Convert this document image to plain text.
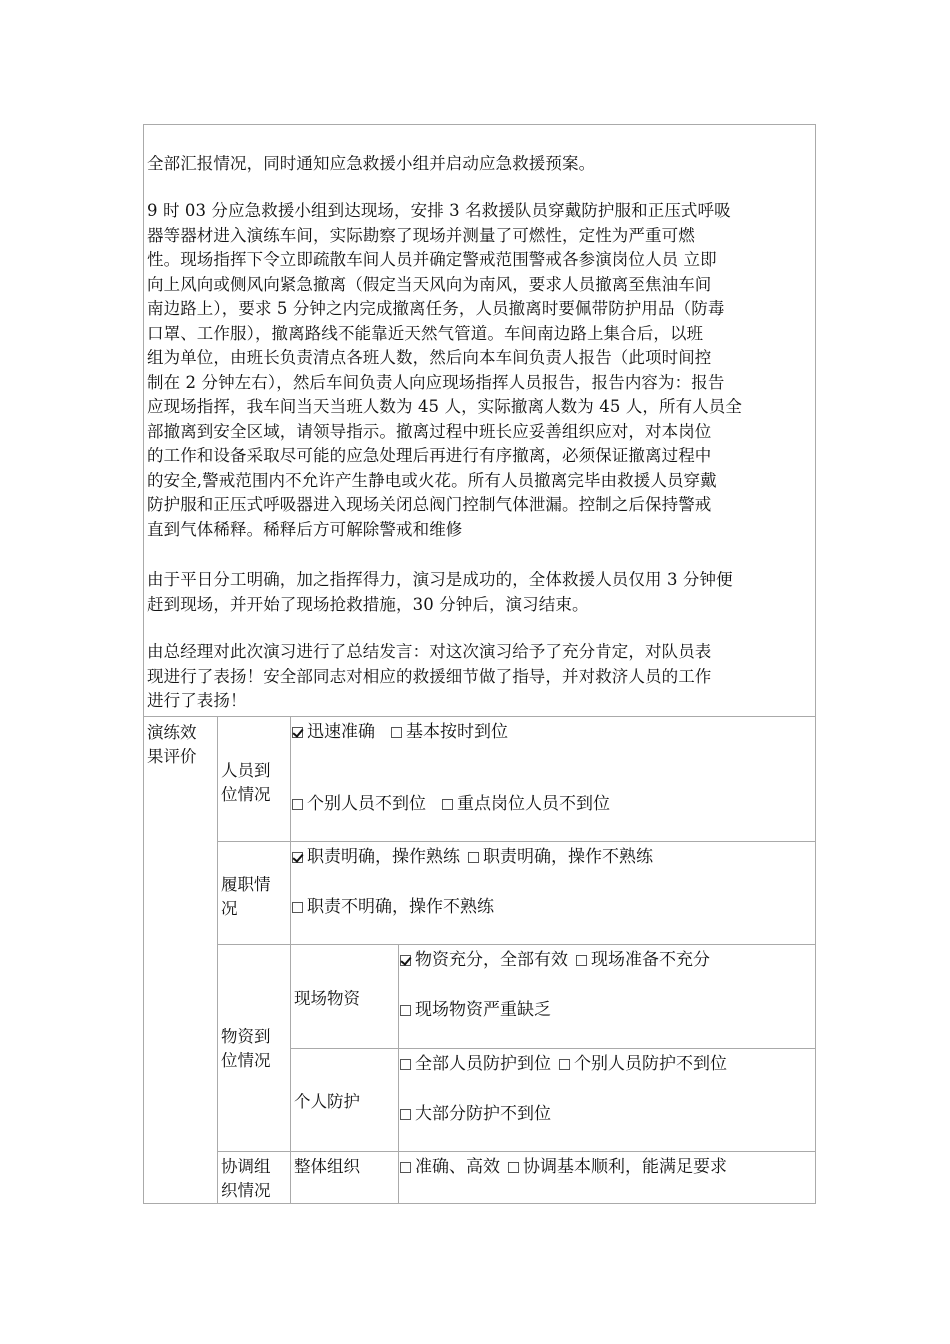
全部汇报情况，同时通知应急救援小组并启动应急救援预案。

9 时 03 分应急救援小组到达现场，安排 3 名救援队员穿戴防护服和正压式呼吸
器等器材进入演练车间，实际勘察了现场并测量了可燃性，定性为严重可燃
性。现场指挥下令立即疏散车间人员并确定警戒范围警戒各参演岗位人员 立即
向上风向或侧风向紧急撤离（假定当天风向为南风，要求人员撤离至焦油车间
南边路上），要求 5 分钟之内完成撤离任务，人员撤离时要佩带防护用品（防毒
口罩、工作服），撤离路线不能靠近天然气管道。车间南边路上集合后，以班
组为单位，由班长负责清点各班人数，然后向本车间负责人报告（此项时间控
制在 2 分钟左右），然后车间负责人向应现场指挥人员报告，报告内容为：报告
应现场指挥，我车间当天当班人数为 45 人，实际撤离人数为 45 人，所有人员全
部撤离到安全区域，请领导指示。撤离过程中班长应妥善组织应对，对本岗位
的工作和设备采取尽可能的应急处理后再进行有序撤离，必须保证撤离过程中
的安全,警戒范围内不允许产生静电或火花。所有人员撤离完毕由救援人员穿戴
防护服和正压式呼吸器进入现场关闭总阀门控制气体泄漏。控制之后保持警戒
直到气体稀释。稀释后方可解除警戒和维修

由于平日分工明确，加之指挥得力，演习是成功的，全体救援人员仅用 3 分钟便
赶到现场，并开始了现场抢救措施，30 分钟后，演习结束。

由总经理对此次演习进行了总结发言：对这次演习给予了充分肯定，对队员表
现进行了表扬！安全部同志对相应的救援细节做了指导，并对救济人员的工作
进行了表扬！

演练效
果评价
人员到
位情况
履职情
况
物资到
位情况
协调组
织情况
现场物资
个人防护
整体组织
迅速准确 基本按时到位
个别人员不到位 重点岗位人员不到位
职责明确，操作熟练 职责明确，操作不熟练
职责不明确，操作不熟练
物资充分，全部有效 现场准备不充分
现场物资严重缺乏
全部人员防护到位 个别人员防护不到位
大部分防护不到位
准确、高效 协调基本顺利，能满足要求
